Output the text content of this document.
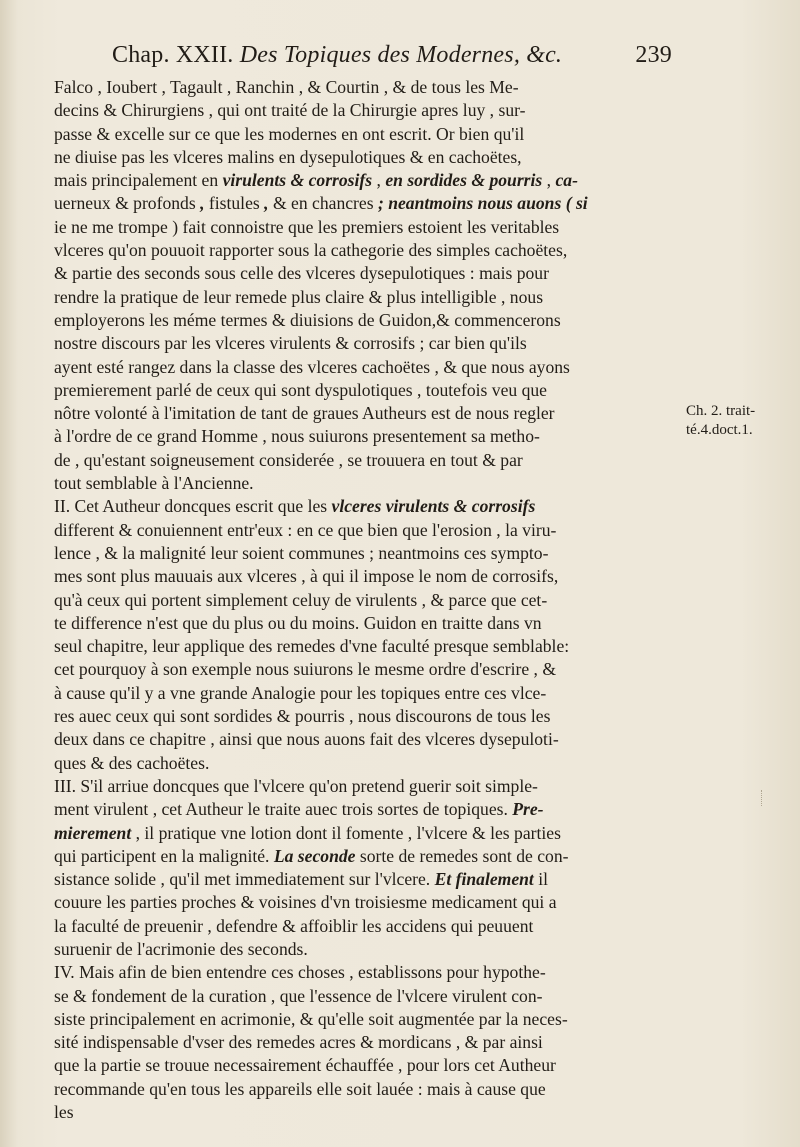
Chap. XXII. Des Topiques des Modernes, &c.	239
Falco , Ioubert , Tagault , Ranchin , & Courtin , & de tous les Me-
decins & Chirurgiens , qui ont traité de la Chirurgie apres luy , sur-
passe & excelle sur ce que les modernes en ont escrit. Or bien qu'il
ne diuise pas les vlceres malins en dysepulotiques & en cachoëtes,
mais principalement en virulents & corrosifs , en sordides & pourris , ca-
uerneux & profonds , fistules , & en chancres ; neantmoins nous auons ( si
ie ne me trompe ) fait connoistre que les premiers estoient les veritables
vlceres qu'on pouuoit rapporter sous la cathegorie des simples cachoëtes,
& partie des seconds sous celle des vlceres dysepulotiques : mais pour
rendre la pratique de leur remede plus claire & plus intelligible , nous
employerons les méme termes & diuisions de Guidon,& commencerons
nostre discours par les vlceres virulents & corrosifs ; car bien qu'ils
ayent esté rangez dans la classe des vlceres cachoëtes , & que nous ayons
premierement parlé de ceux qui sont dyspulotiques , toutefois veu que
nôtre volonté à l'imitation de tant de graues Autheurs est de nous regler
à l'ordre de ce grand Homme , nous suiurons presentement sa metho-
de , qu'estant soigneusement considerée , se trouuera en tout & par
tout semblable à l'Ancienne.
II. Cet Autheur doncques escrit que les vlceres virulents & corrosifs
different & conuiennent entr'eux : en ce que bien que l'erosion , la viru-
lence , & la malignité leur soient communes ; neantmoins ces sympto-
mes sont plus mauuais aux vlceres , à qui il impose le nom de corrosifs,
qu'à ceux qui portent simplement celuy de virulents , & parce que cet-
te difference n'est que du plus ou du moins. Guidon en traitte dans vn
seul chapitre, leur applique des remedes d'vne faculté presque semblable:
cet pourquoy à son exemple nous suiurons le mesme ordre d'escrire , &
à cause qu'il y a vne grande Analogie pour les topiques entre ces vlce-
res auec ceux qui sont sordides & pourris , nous discourons de tous les
deux dans ce chapitre , ainsi que nous auons fait des vlceres dysepuloti-
ques & des cachoëtes.
III. S'il arriue doncques que l'vlcere qu'on pretend guerir soit simple-
ment virulent , cet Autheur le traite auec trois sortes de topiques. Pre-
mierement , il pratique vne lotion dont il fomente , l'vlcere & les parties
qui participent en la malignité. La seconde sorte de remedes sont de con-
sistance solide , qu'il met immediatement sur l'vlcere. Et finalement il
couure les parties proches & voisines d'vn troisiesme medicament qui a
la faculté de preuenir , defendre & affoiblir les accidens qui peuuent
suruenir de l'acrimonie des seconds.
IV. Mais afin de bien entendre ces choses , establissons pour hypothe-
se & fondement de la curation , que l'essence de l'vlcere virulent con-
siste principalement en acrimonie, & qu'elle soit augmentée par la neces-
sité indispensable d'vser des remedes acres & mordicans , & par ainsi
que la partie se trouue necessairement échauffée , pour lors cet Autheur
recommande qu'en tous les appareils elle soit lauée : mais à cause que
les
Ch. 2. trait-
té.4.doct.1.
